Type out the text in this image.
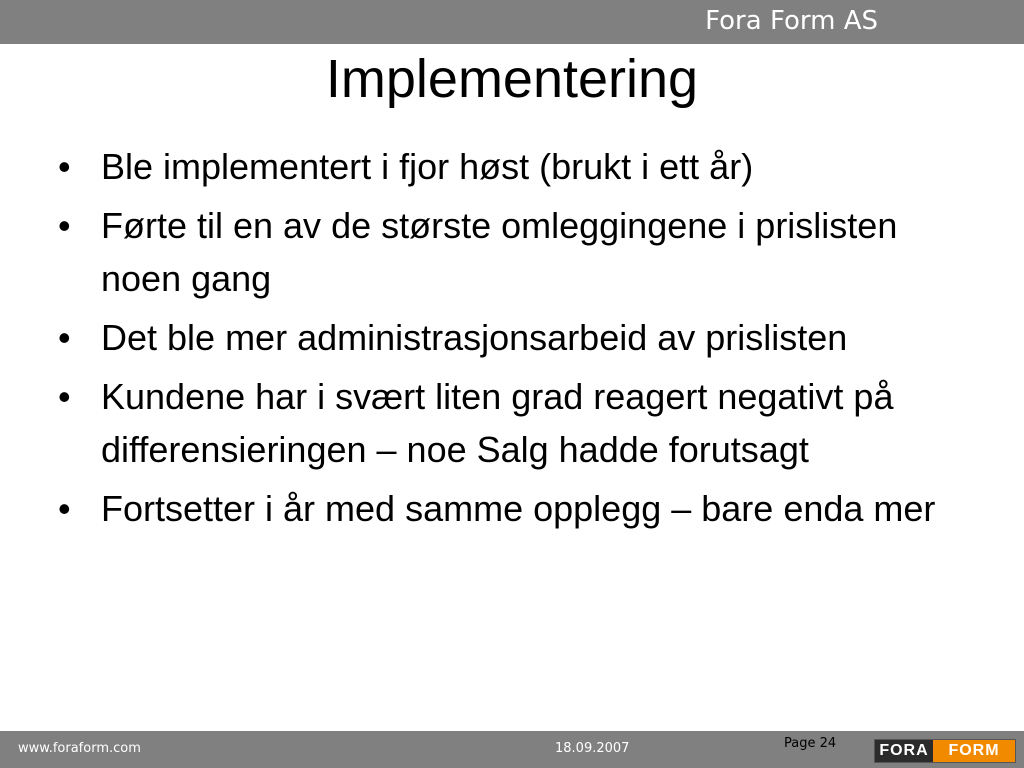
Fora Form AS
Implementering
• Ble implementert i fjor høst (brukt i ett år)
• Førte til en av de største omleggingene i prislisten noen gang
• Det ble mer administrasjonsarbeid av prislisten
• Kundene har i svært liten grad reagert negativt på differensieringen – noe Salg hadde forutsagt
• Fortsetter i år med samme opplegg – bare enda mer
www.foraform.com	18.09.2007	Page 24	FORA	FORM
